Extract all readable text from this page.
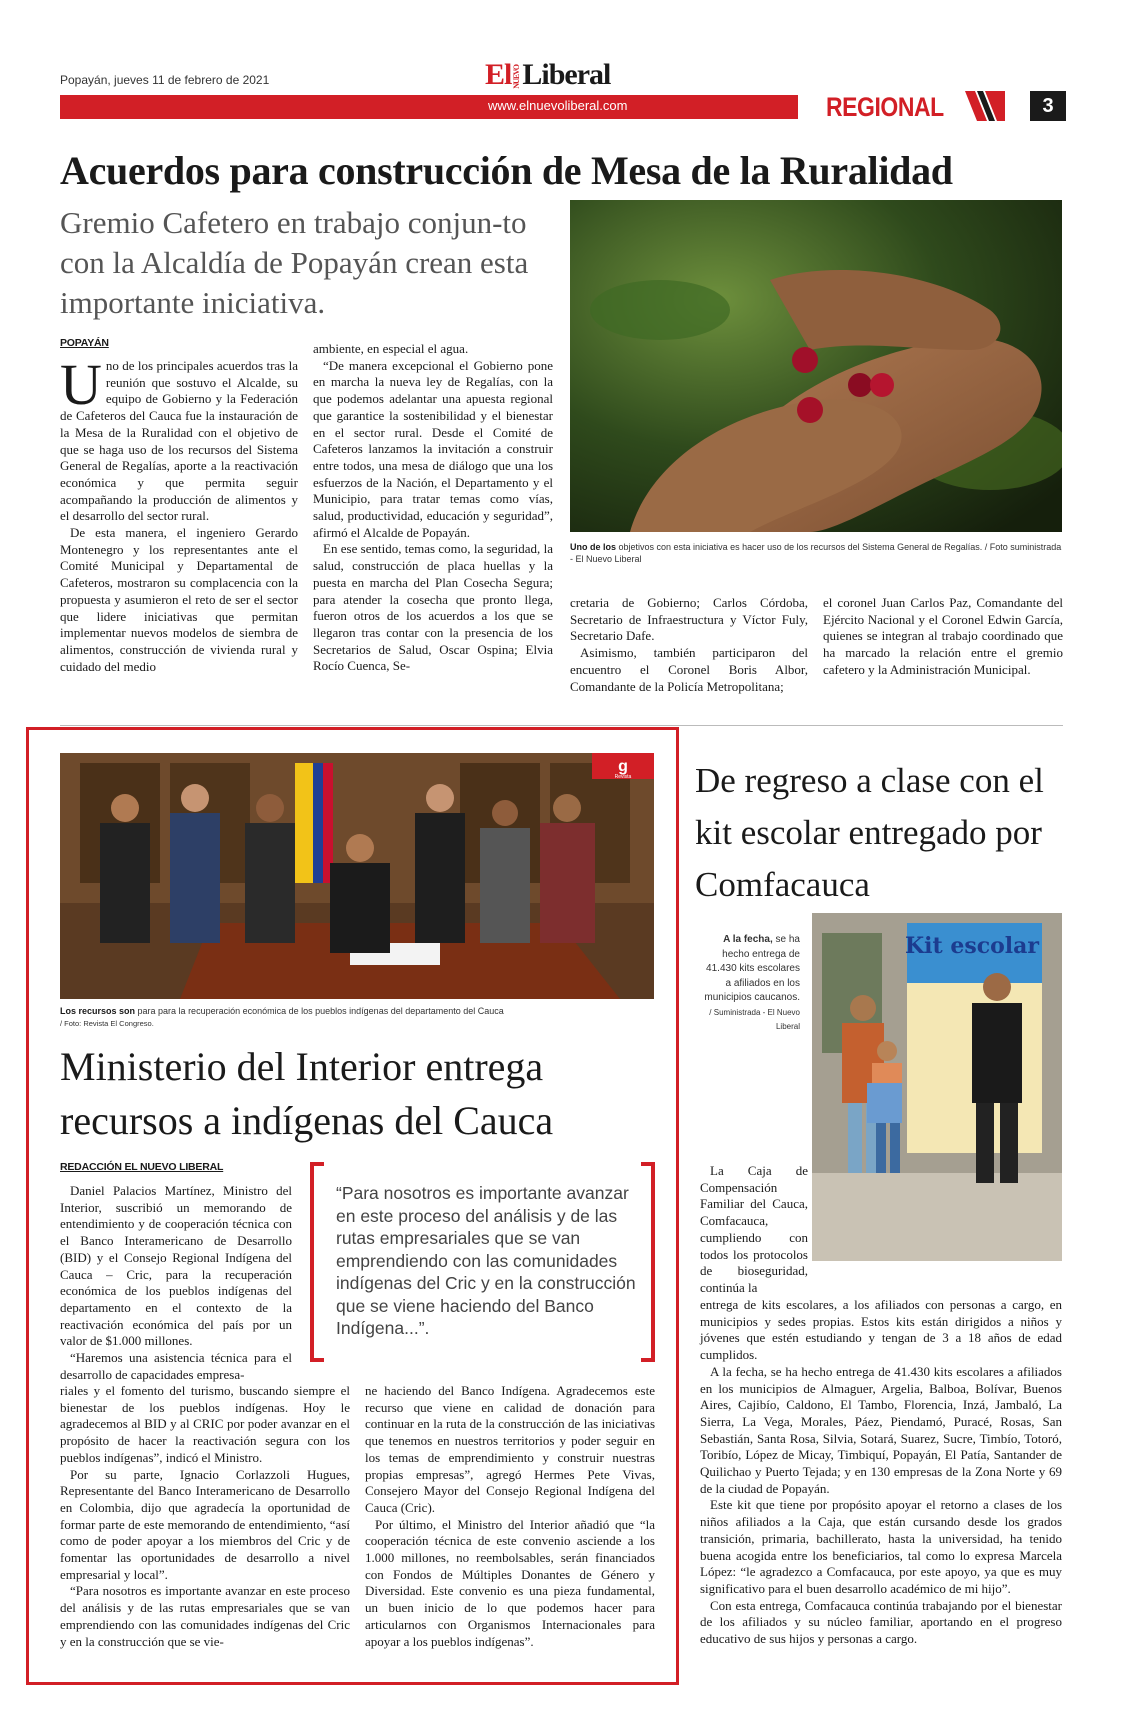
Popayán, jueves 11 de febrero de 2021	ElNUEVOLiberal
www.elnuevoliberal.com	REGIONAL	3
Acuerdos para construcción de Mesa de la Ruralidad
Gremio Cafetero en trabajo conjun-to con la Alcaldía de Popayán crean esta importante iniciativa.
POPAYÁN

Uno de los principales acuerdos tras la reunión que sostuvo el Alcalde, su equipo de Gobierno y la Federación de Cafeteros del Cauca fue la instauración de la Mesa de la Ruralidad con el objetivo de que se haga uso de los recursos del Sistema General de Regalías, aporte a la reactivación económica y que permita seguir acompañando la producción de alimentos y el desarrollo del sector rural.

De esta manera, el ingeniero Gerardo Montenegro y los representantes ante el Comité Municipal y Departamental de Cafeteros, mostraron su complacencia con la propuesta y asumieron el reto de ser el sector que lidere iniciativas que permitan implementar nuevos modelos de siembra de alimentos, construcción de vivienda rural y cuidado del medio

ambiente, en especial el agua.

“De manera excepcional el Gobierno pone en marcha la nueva ley de Regalías, con la que podemos adelantar una apuesta regional que garantice la sostenibilidad y el bienestar en el sector rural. Desde el Comité de Cafeteros lanzamos la invitación a construir entre todos, una mesa de diálogo que una los esfuerzos de la Nación, el Departamento y el Municipio, para tratar temas como vías, salud, productividad, educación y seguridad”, afirmó el Alcalde de Popayán.

En ese sentido, temas como, la seguridad, la salud, construcción de placa huellas y la puesta en marcha del Plan Cosecha Segura; para atender la cosecha que pronto llega, fueron otros de los acuerdos a los que se llegaron tras contar con la presencia de los Secretarios de Salud, Oscar Ospina; Elvia Rocío Cuenca, Se-

Uno de los objetivos con esta iniciativa es hacer uso de los recursos del Sistema General de Regalías. / Foto suministrada - El Nuevo Liberal

cretaria de Gobierno; Carlos Córdoba, Secretario de Infraestructura y Víctor Fuly, Secretario Dafe.

Asimismo, también participaron del encuentro el Coronel Boris Albor, Comandante de la Policía Metropolitana;

el coronel Juan Carlos Paz, Comandante del Ejército Nacional y el Coronel Edwin García, quienes se integran al trabajo coordinado que ha marcado la relación entre el gremio cafetero y la Administración Municipal.

g
Revista
Los recursos son para para la recuperación económica de los pueblos indígenas del departamento del Cauca
/ Foto: Revista El Congreso.
Ministerio del Interior entrega recursos a indígenas del Cauca
REDACCIÓN EL NUEVO LIBERAL

Daniel Palacios Martínez, Ministro del Interior, suscribió un memorando de entendimiento y de cooperación técnica con el Banco Interamericano de Desarrollo (BID) y el Consejo Regional Indígena del Cauca – Cric, para la recuperación económica de los pueblos indígenas del departamento en el contexto de la reactivación económica del país por un valor de $1.000 millones.

“Haremos una asistencia técnica para el desarrollo de capacidades empresa-

“Para nosotros es importante avanzar en este proceso del análisis y de las rutas empresariales que se van emprendiendo con las comunidades indígenas del Cric y en la construcción que se viene haciendo del Banco Indígena...”.

riales y el fomento del turismo, buscando siempre el bienestar de los pueblos indígenas. Hoy le agradecemos al BID y al CRIC por poder avanzar en el propósito de hacer la reactivación segura con los pueblos indígenas”, indicó el Ministro.

Por su parte, Ignacio Corlazzoli Hugues, Representante del Banco Interamericano de Desarrollo en Colombia, dijo que agradecía la oportunidad de formar parte de este memorando de entendimiento, “así como de poder apoyar a los miembros del Cric y de fomentar las oportunidades de desarrollo a nivel empresarial y local”.

“Para nosotros es importante avanzar en este proceso del análisis y de las rutas empresariales que se van emprendiendo con las comunidades indígenas del Cric y en la construcción que se vie-

ne haciendo del Banco Indígena. Agradecemos este recurso que viene en calidad de donación para continuar en la ruta de la construcción de las iniciativas que tenemos en nuestros territorios y poder seguir en los temas de emprendimiento y construir nuestras propias empresas”, agregó Hermes Pete Vivas, Consejero Mayor del Consejo Regional Indígena del Cauca (Cric).

Por último, el Ministro del Interior añadió que “la cooperación técnica de este convenio asciende a los 1.000 millones, no reembolsables, serán financiados con Fondos de Múltiples Donantes de Género y Diversidad. Este convenio es una pieza fundamental, un buen inicio de lo que podemos hacer para articularnos con Organismos Internacionales para apoyar a los pueblos indígenas”.

De regreso a clase con el kit escolar entregado por Comfacauca
A la fecha, se ha hecho entrega de 41.430 kits escolares a afiliados en los municipios caucanos.
/ Suministrada - El Nuevo Liberal
Kit escolar

La Caja de Compensación Familiar del Cauca, Comfacauca, cumpliendo con todos los protocolos de bioseguridad, continúa la

entrega de kits escolares, a los afiliados con personas a cargo, en municipios y sedes propias. Estos kits están dirigidos a niños y jóvenes que estén estudiando y tengan de 3 a 18 años de edad cumplidos.

A la fecha, se ha hecho entrega de 41.430 kits escolares a afiliados en los municipios de Almaguer, Argelia, Balboa, Bolívar, Buenos Aires, Cajibío, Caldono, El Tambo, Florencia, Inzá, Jambaló, La Sierra, La Vega, Morales, Páez, Piendamó, Puracé, Rosas, San Sebastián, Santa Rosa, Silvia, Sotará, Suarez, Sucre, Timbío, Totoró, Toribío, López de Micay, Timbiquí, Popayán, El Patía, Santander de Quilichao y Puerto Tejada; y en 130 empresas de la Zona Norte y 69 de la ciudad de Popayán.

Este kit que tiene por propósito apoyar el retorno a clases de los niños afiliados a la Caja, que están cursando desde los grados transición, primaria, bachillerato, hasta la universidad, ha tenido buena acogida entre los beneficiarios, tal como lo expresa Marcela López: “le agradezco a Comfacauca, por este apoyo, ya que es muy significativo para el buen desarrollo académico de mi hijo”.

Con esta entrega, Comfacauca continúa trabajando por el bienestar de los afiliados y su núcleo familiar, aportando en el progreso educativo de sus hijos y personas a cargo.
